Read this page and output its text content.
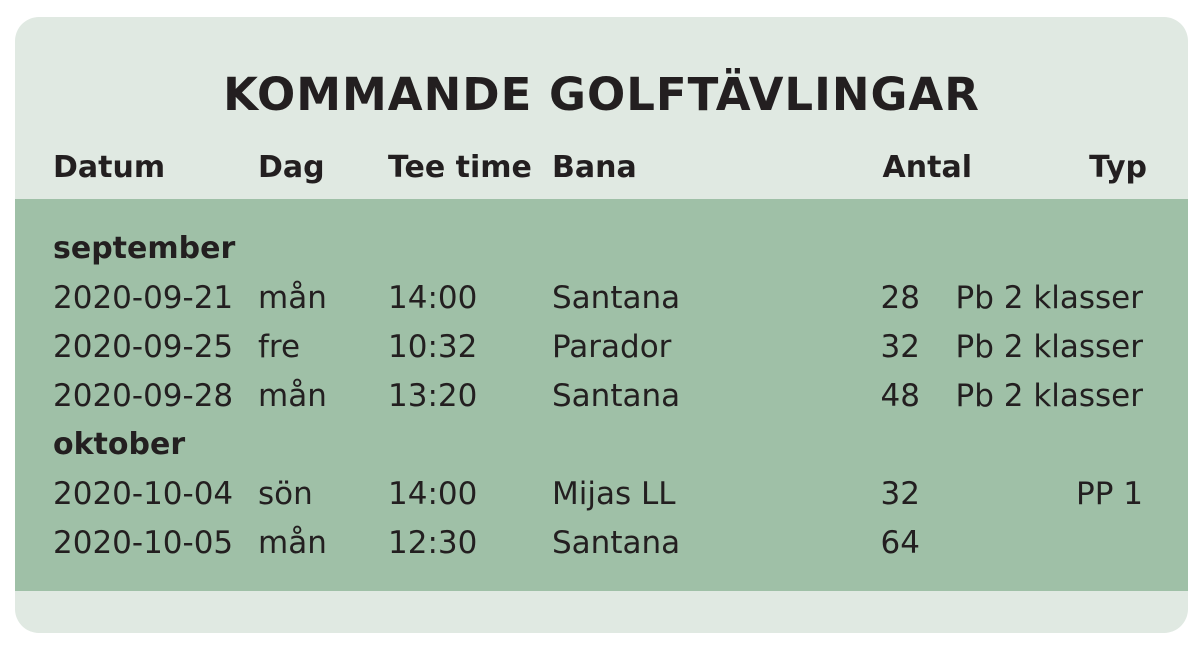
KOMMANDE GOLFTÄVLINGAR
Datum	Dag Tee time Bana	Antal	Typ
september
2020-09-21 mån 14:00 Santana	28 Pb 2 klasser
2020-09-25 fre	10:32 Parador	32 Pb 2 klasser
2020-09-28 mån 13:20 Santana	48 Pb 2 klasser
oktober
2020-10-04 sön 14:00 Mijas LL	32	PP 1
2020-10-05 mån 12:30 Santana	64
